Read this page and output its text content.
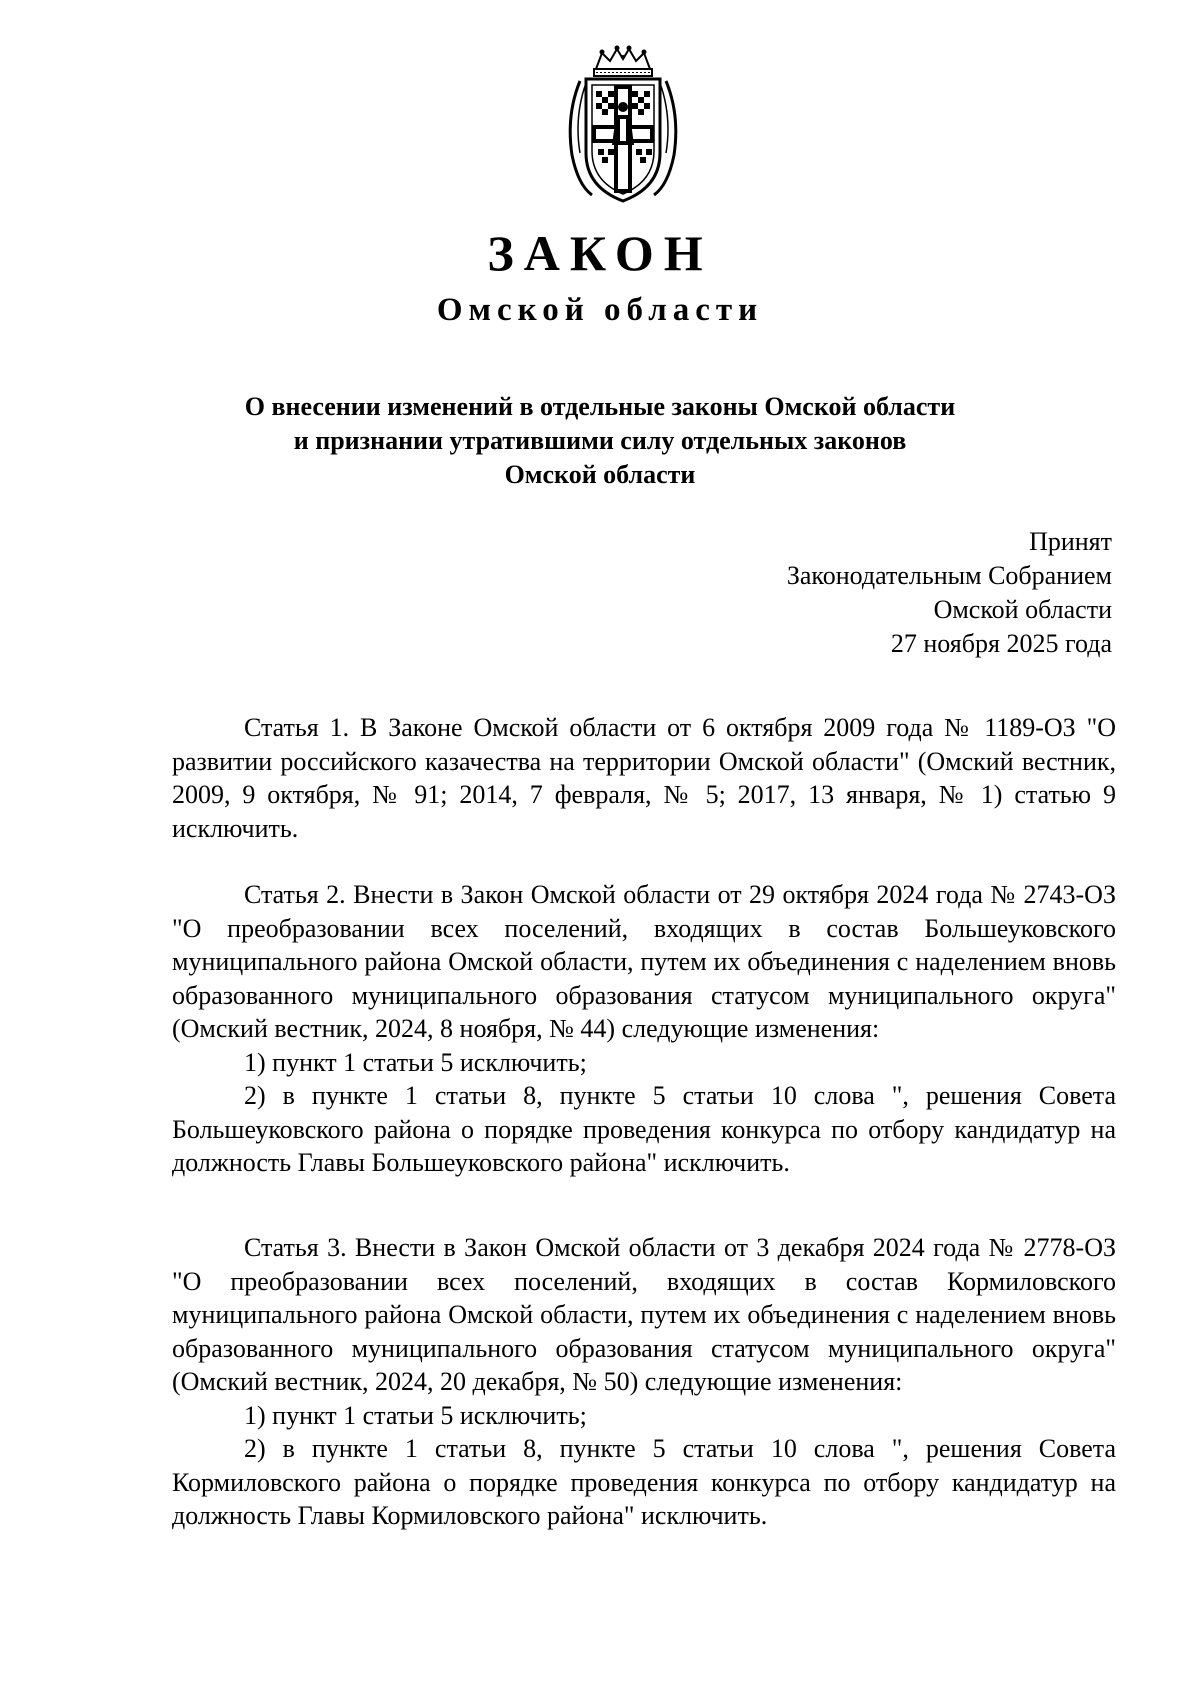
ЗАКОН
Омской области
О внесении изменений в отдельные законы Омской области
и признании утратившими силу отдельных законов
Омской области
Принят
Законодательным Собранием
Омской области
27 ноября 2025 года

Статья 1. В Законе Омской области от 6 октября 2009 года № 1189-ОЗ "О развитии российского казачества на территории Омской области" (Омский вестник, 2009, 9 октября, № 91; 2014, 7 февраля, № 5; 2017, 13 января, № 1) статью 9 исключить.

Статья 2. Внести в Закон Омской области от 29 октября 2024 года № 2743-ОЗ "О преобразовании всех поселений, входящих в состав Большеуковского муниципального района Омской области, путем их объединения с наделением вновь образованного муниципального образования статусом муниципального округа" (Омский вестник, 2024, 8 ноября, № 44) следующие изменения:

1) пункт 1 статьи 5 исключить;

2) в пункте 1 статьи 8, пункте 5 статьи 10 слова ", решения Совета Большеуковского района о порядке проведения конкурса по отбору кандидатур на должность Главы Большеуковского района" исключить.

Статья 3. Внести в Закон Омской области от 3 декабря 2024 года № 2778-ОЗ "О преобразовании всех поселений, входящих в состав Кормиловского муниципального района Омской области, путем их объединения с наделением вновь образованного муниципального образования статусом муниципального округа" (Омский вестник, 2024, 20 декабря, № 50) следующие изменения:

1) пункт 1 статьи 5 исключить;

2) в пункте 1 статьи 8, пункте 5 статьи 10 слова ", решения Совета Кормиловского района о порядке проведения конкурса по отбору кандидатур на должность Главы Кормиловского района" исключить.
